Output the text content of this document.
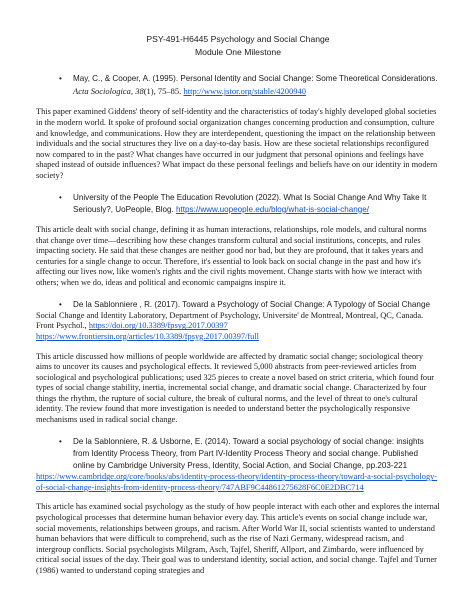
PSY-491-H6445 Psychology and Social Change
Module One Milestone
• May, C., & Cooper, A. (1995). Personal Identity and Social Change: Some Theoretical Considerations. Acta Sociologica, 38(1), 75–85. http://www.jstor.org/stable/4200940
This paper examined Giddens' theory of self-identity and the characteristics of today's highly developed global societies in the modern world. It spoke of profound social organization changes concerning production and consumption, culture and knowledge, and communications. How they are interdependent, questioning the impact on the relationship between individuals and the social structures they live on a day-to-day basis. How are these societal relationships reconfigured now compared to in the past? What changes have occurred in our judgment that personal opinions and feelings have shaped instead of outside influences? What impact do these personal feelings and beliefs have on our identity in modern society?
• University of the People The Education Revolution (2022). What Is Social Change And Why Take It Seriously?, UoPeople, Blog. https://www.uopeople.edu/blog/what-is-social-change/
This article dealt with social change, defining it as human interactions, relationships, role models, and cultural norms that change over time—describing how these changes transform cultural and social institutions, concepts, and rules impacting society. He said that these changes are neither good nor bad, but they are profound, that it takes years and centuries for a single change to occur. Therefore, it's essential to look back on social change in the past and how it's affecting our lives now, like women's rights and the civil rights movement. Change starts with how we interact with others; when we do, ideas and political and economic campaigns inspire it.
• De la Sablonniere , R. (2017). Toward a Psychology of Social Change: A Typology of Social Change
Social Change and Identity Laboratory, Department of Psychology, Universite' de Montreal, Montreal, QC, Canada. Front Psychol., https://doi.org/10.3389/fpsyg.2017.00397
https://www.frontiersin.org/articles/10.3389/fpsyg.2017.00397/full
This article discussed how millions of people worldwide are affected by dramatic social change; sociological theory aims to uncover its causes and psychological effects. It reviewed 5,000 abstracts from peer-reviewed articles from sociological and psychological publications; used 325 pieces to create a novel based on strict criteria, which found four types of social change stability, inertia, incremental social change, and dramatic social change. Characterized by four things the rhythm, the rupture of social culture, the break of cultural norms, and the level of threat to one's cultural identity. The review found that more investigation is needed to understand better the psychologically responsive mechanisms used in radical social change.
• De la Sablonniere, R. & Usborne, E. (2014). Toward a social psychology of social change: insights from Identity Process Theory, from Part IV-Identity Process Theory and social change. Published online by Cambridge University Press, Identity, Social Action, and Social Change, pp.203-221
https://www.cambridge.org/core/books/abs/identity-process-theory/identity-process-theory/toward-a-social-psychology-of-social-change-insights-from-identity-process-theory/747ABF9C44861275628F6C0E2DBC714
This article has examined social psychology as the study of how people interact with each other and explores the internal psychological processes that determine human behavior every day. This article's events on social change include war, social movements, relationships between groups, and racism. After World War II, social scientists wanted to understand human behaviors that were difficult to comprehend, such as the rise of Nazi Germany, widespread racism, and intergroup conflicts. Social psychologists Milgram, Asch, Tajfel, Sheriff, Allport, and Zimbardo, were influenced by critical social issues of the day. Their goal was to understand identity, social action, and social change. Tajfel and Turner (1986) wanted to understand coping strategies and
